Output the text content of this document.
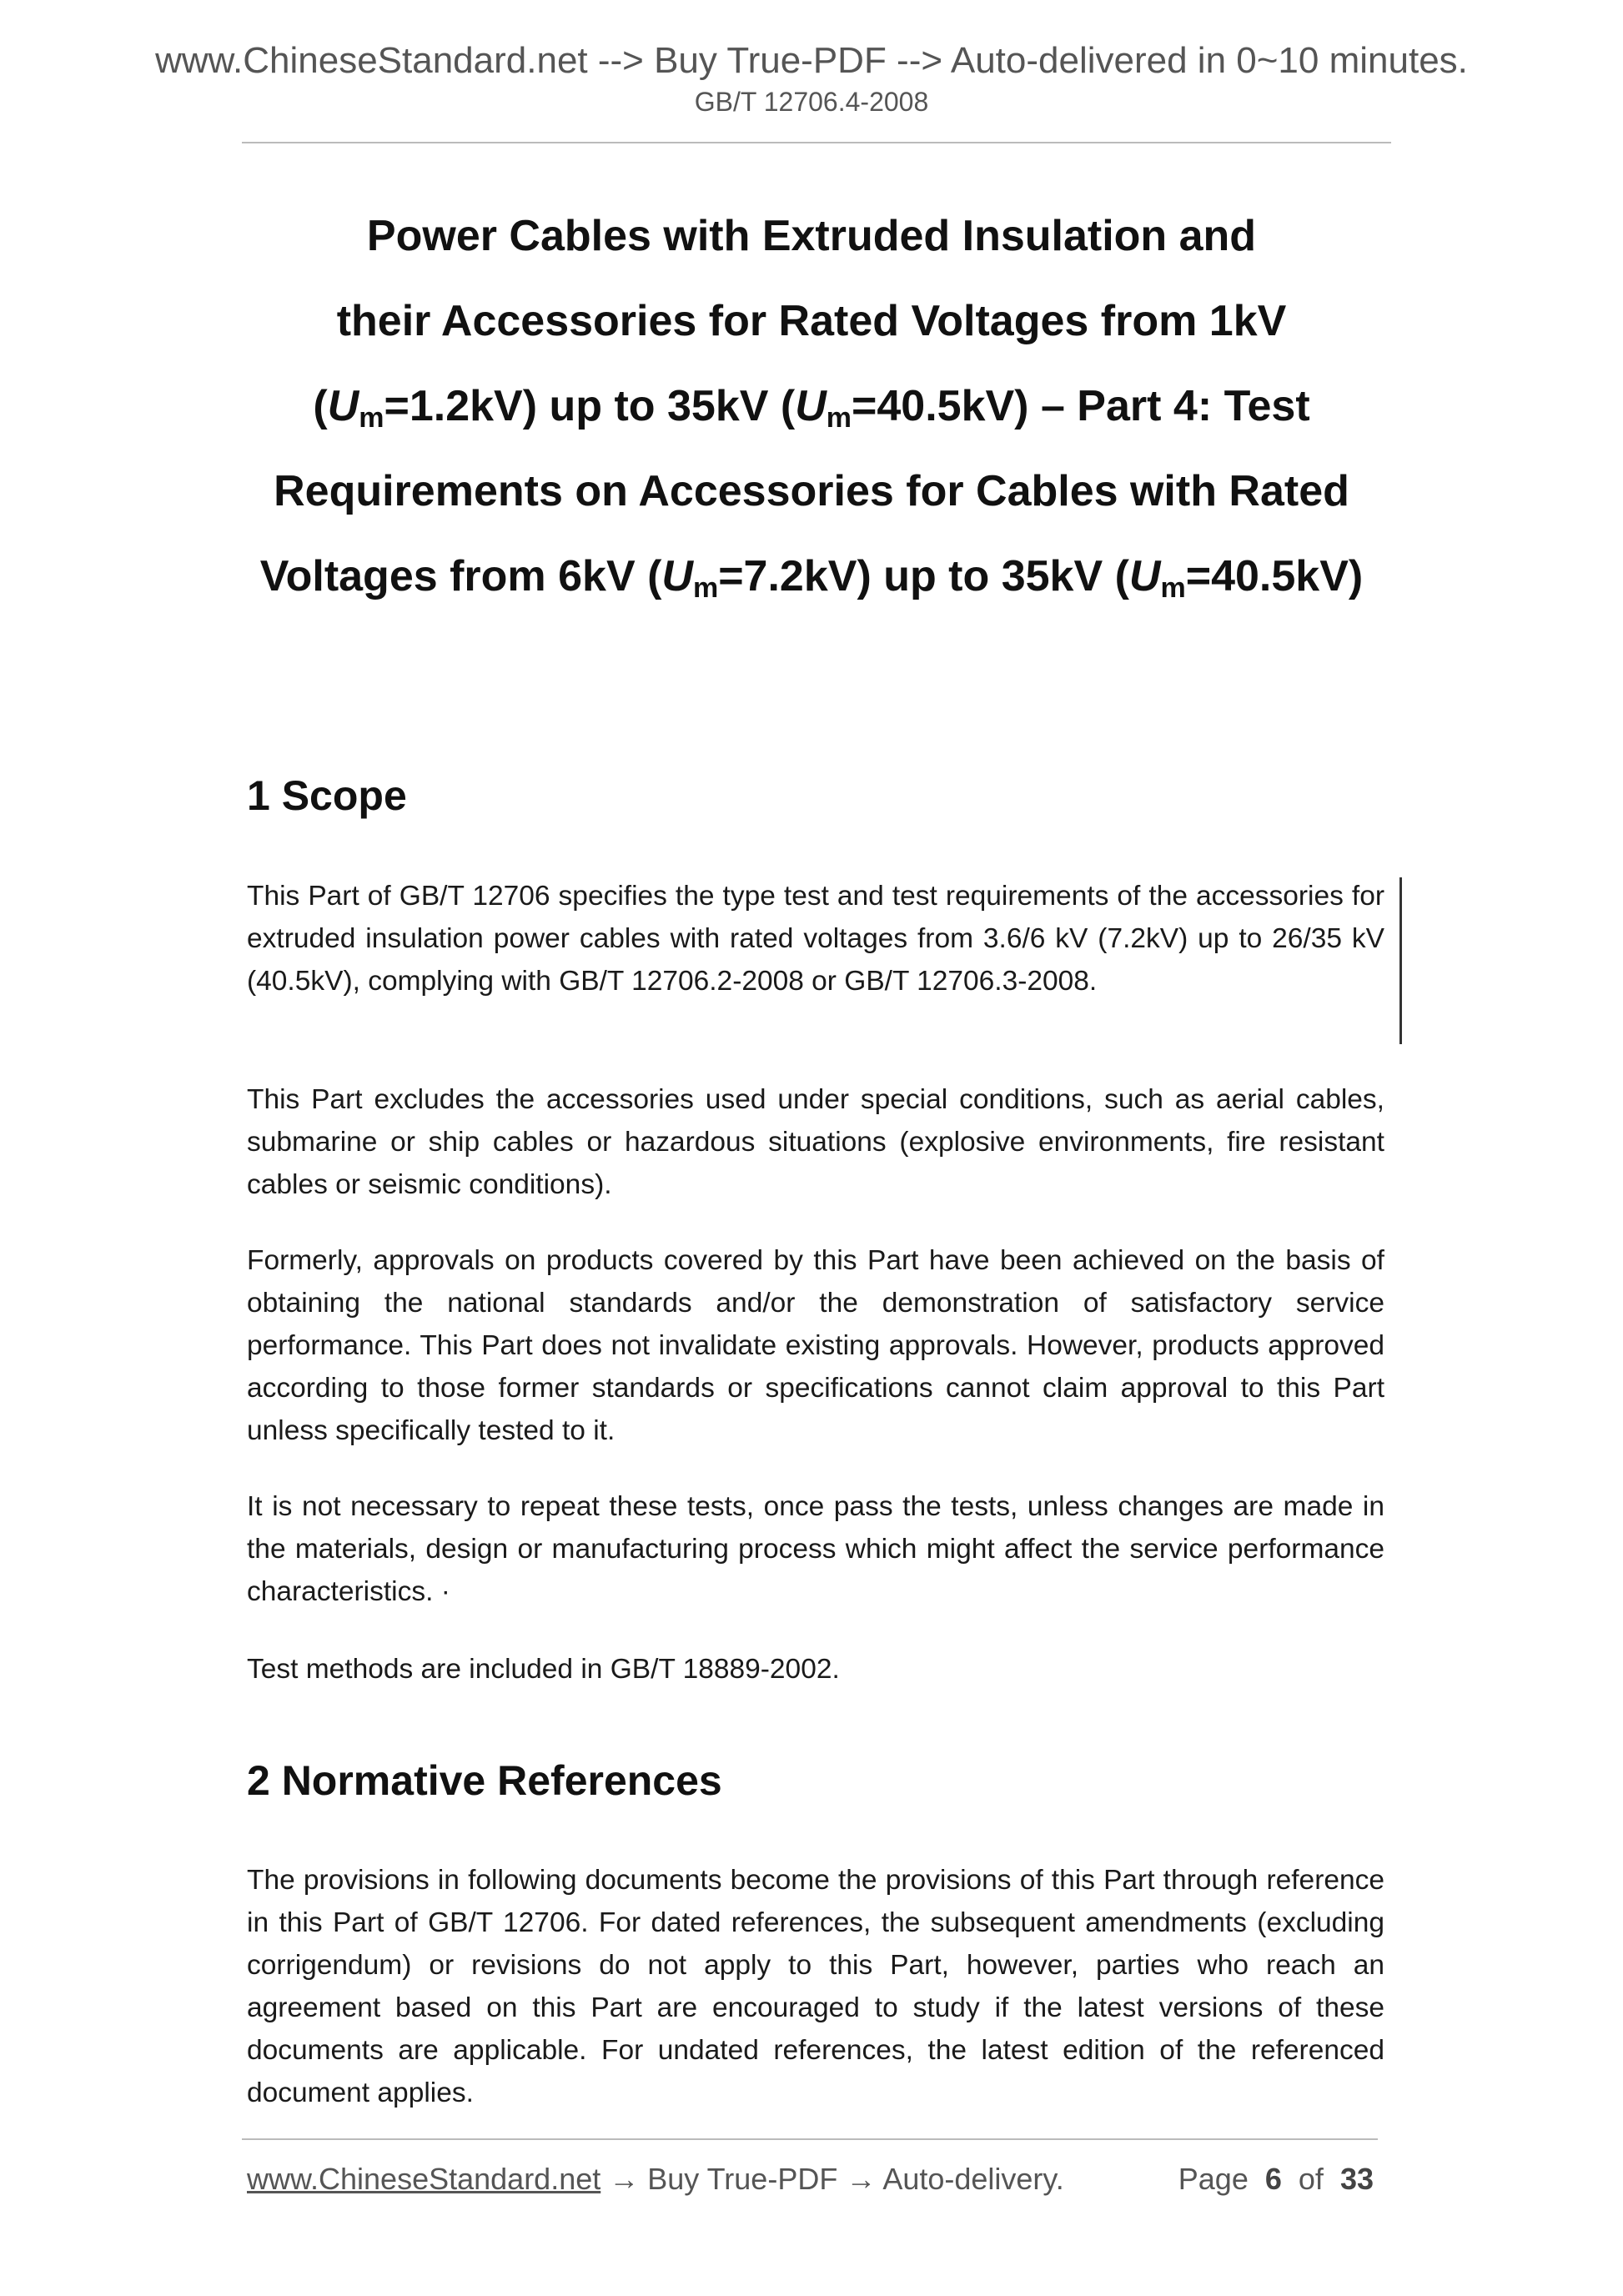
www.ChineseStandard.net --> Buy True-PDF --> Auto-delivered in 0~10 minutes.
GB/T 12706.4-2008
Power Cables with Extruded Insulation and
their Accessories for Rated Voltages from 1kV
$(U_m=1.2kV)$ up to 35kV $(U_m=40.5kV)$ – Part 4: Test
Requirements on Accessories for Cables with Rated
Voltages from 6kV $(U_m=7.2kV)$ up to 35kV $(U_m=40.5kV)$
1 Scope
This Part of GB/T 12706 specifies the type test and test requirements of the accessories for extruded insulation power cables with rated voltages from 3.6/6 kV (7.2kV) up to 26/35 kV (40.5kV), complying with GB/T 12706.2-2008 or GB/T 12706.3-2008.
This Part excludes the accessories used under special conditions, such as aerial cables, submarine or ship cables or hazardous situations (explosive environments, fire resistant cables or seismic conditions).
Formerly, approvals on products covered by this Part have been achieved on the basis of obtaining the national standards and/or the demonstration of satisfactory service performance. This Part does not invalidate existing approvals. However, products approved according to those former standards or specifications cannot claim approval to this Part unless specifically tested to it.
It is not necessary to repeat these tests, once pass the tests, unless changes are made in the materials, design or manufacturing process which might affect the service performance characteristics. ·
Test methods are included in GB/T 18889-2002.
2 Normative References
The provisions in following documents become the provisions of this Part through reference in this Part of GB/T 12706. For dated references, the subsequent amendments (excluding corrigendum) or revisions do not apply to this Part, however, parties who reach an agreement based on this Part are encouraged to study if the latest versions of these documents are applicable. For undated references, the latest edition of the referenced document applies.
www.ChineseStandard.net → Buy True-PDF → Auto-delivery.	Page 6 of 33
